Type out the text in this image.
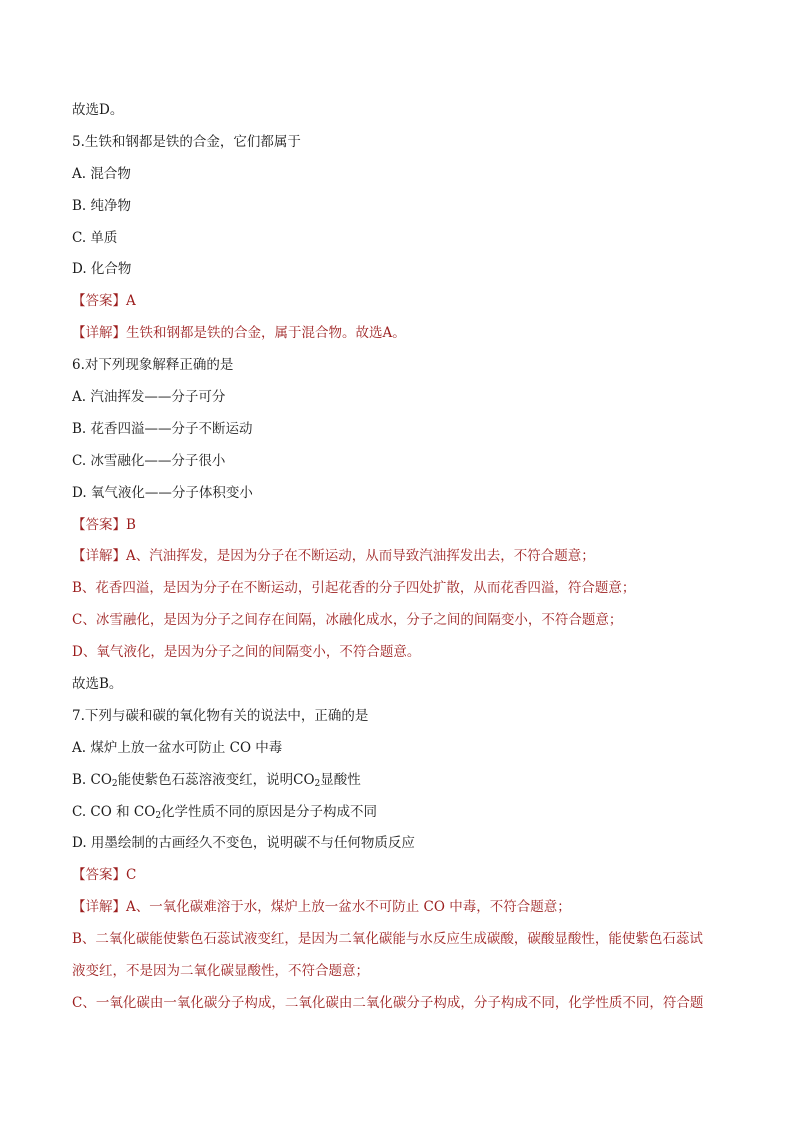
故选D。
5.生铁和钢都是铁的合金，它们都属于
A. 混合物
B. 纯净物
C. 单质
D. 化合物
【答案】A
【详解】生铁和钢都是铁的合金，属于混合物。故选A。
6.对下列现象解释正确的是
A. 汽油挥发——分子可分
B. 花香四溢——分子不断运动
C. 冰雪融化——分子很小
D. 氧气液化——分子体积变小
【答案】B
【详解】A、汽油挥发，是因为分子在不断运动，从而导致汽油挥发出去，不符合题意；
B、花香四溢，是因为分子在不断运动，引起花香的分子四处扩散，从而花香四溢，符合题意；
C、冰雪融化，是因为分子之间存在间隔，冰融化成水，分子之间的间隔变小，不符合题意；
D、氧气液化，是因为分子之间的间隔变小，不符合题意。
故选B。
7.下列与碳和碳的氧化物有关的说法中，正确的是
A. 煤炉上放一盆水可防止 CO 中毒
B. $CO_2$能使紫色石蕊溶液变红，说明$CO_2$显酸性
C. CO 和 $CO_2$化学性质不同的原因是分子构成不同
D. 用墨绘制的古画经久不变色，说明碳不与任何物质反应
【答案】C
【详解】A、一氧化碳难溶于水，煤炉上放一盆水不可防止 CO 中毒，不符合题意；
B、二氧化碳能使紫色石蕊试液变红，是因为二氧化碳能与水反应生成碳酸，碳酸显酸性，能使紫色石蕊试
液变红，不是因为二氧化碳显酸性，不符合题意；
C、一氧化碳由一氧化碳分子构成，二氧化碳由二氧化碳分子构成，分子构成不同，化学性质不同，符合题
